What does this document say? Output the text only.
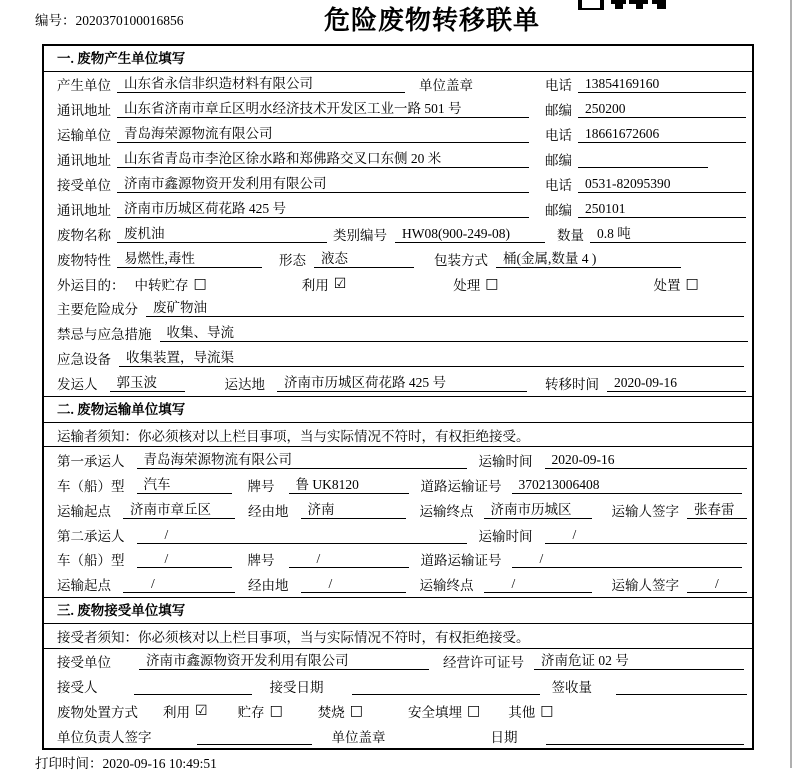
编号：2020370100016856	危险废物转移联单
一. 废物产生单位填写
产生单位 山东省永信非织造材料有限公司	单位盖章	电话 13854169160
通讯地址 山东省济南市章丘区明水经济技术开发区工业一路 501 号	邮编 250200
运输单位 青岛海荣源物流有限公司	电话 18661672606
通讯地址 山东省青岛市李沧区徐水路和郑佛路交叉口东侧 20 米	邮编
接受单位 济南市鑫源物资开发利用有限公司	电话 0531-82095390
通讯地址 济南市历城区荷花路 425 号	邮编 250101
废物名称 废机油	类别编号	HW08(900-249-08)	数量 0.8 吨
废物特性 易燃性,毒性	形态	液态	包装方式	桶(金属,数量 4 )
外运目的： 中转贮存 □	利用 ☑	处理 □	处置 □
主要危险成分	废矿物油
禁忌与应急措施	收集、导流
应急设备	收集装置，导流渠
发运人	郭玉波	运达地	济南市历城区荷花路 425 号	转移时间	2020-09-16
二. 废物运输单位填写
运输者须知：你必须核对以上栏目事项，当与实际情况不符时，有权拒绝接受。
第一承运人	青岛海荣源物流有限公司	运输时间	2020-09-16
车（船）型	汽车	牌号	鲁 UK8120	道路运输证号	370213006408
运输起点	济南市章丘区	经由地	济南	运输终点	济南市历城区	运输人签字	张春雷
第二承运人	/	运输时间	/
车（船）型	/	牌号	/	道路运输证号	/
运输起点	/	经由地	/	运输终点	/	运输人签字	/
三. 废物接受单位填写
接受者须知：你必须核对以上栏目事项，当与实际情况不符时，有权拒绝接受。
接受单位	济南市鑫源物资开发利用有限公司	经营许可证号	济南危证 02 号
接受人	接受日期	签收量
废物处置方式 利用 ☑ 贮存 □	焚烧 □	安全填埋 □ 其他 □
单位负责人签字	单位盖章	日期
打印时间：2020-09-16 10:49:51
